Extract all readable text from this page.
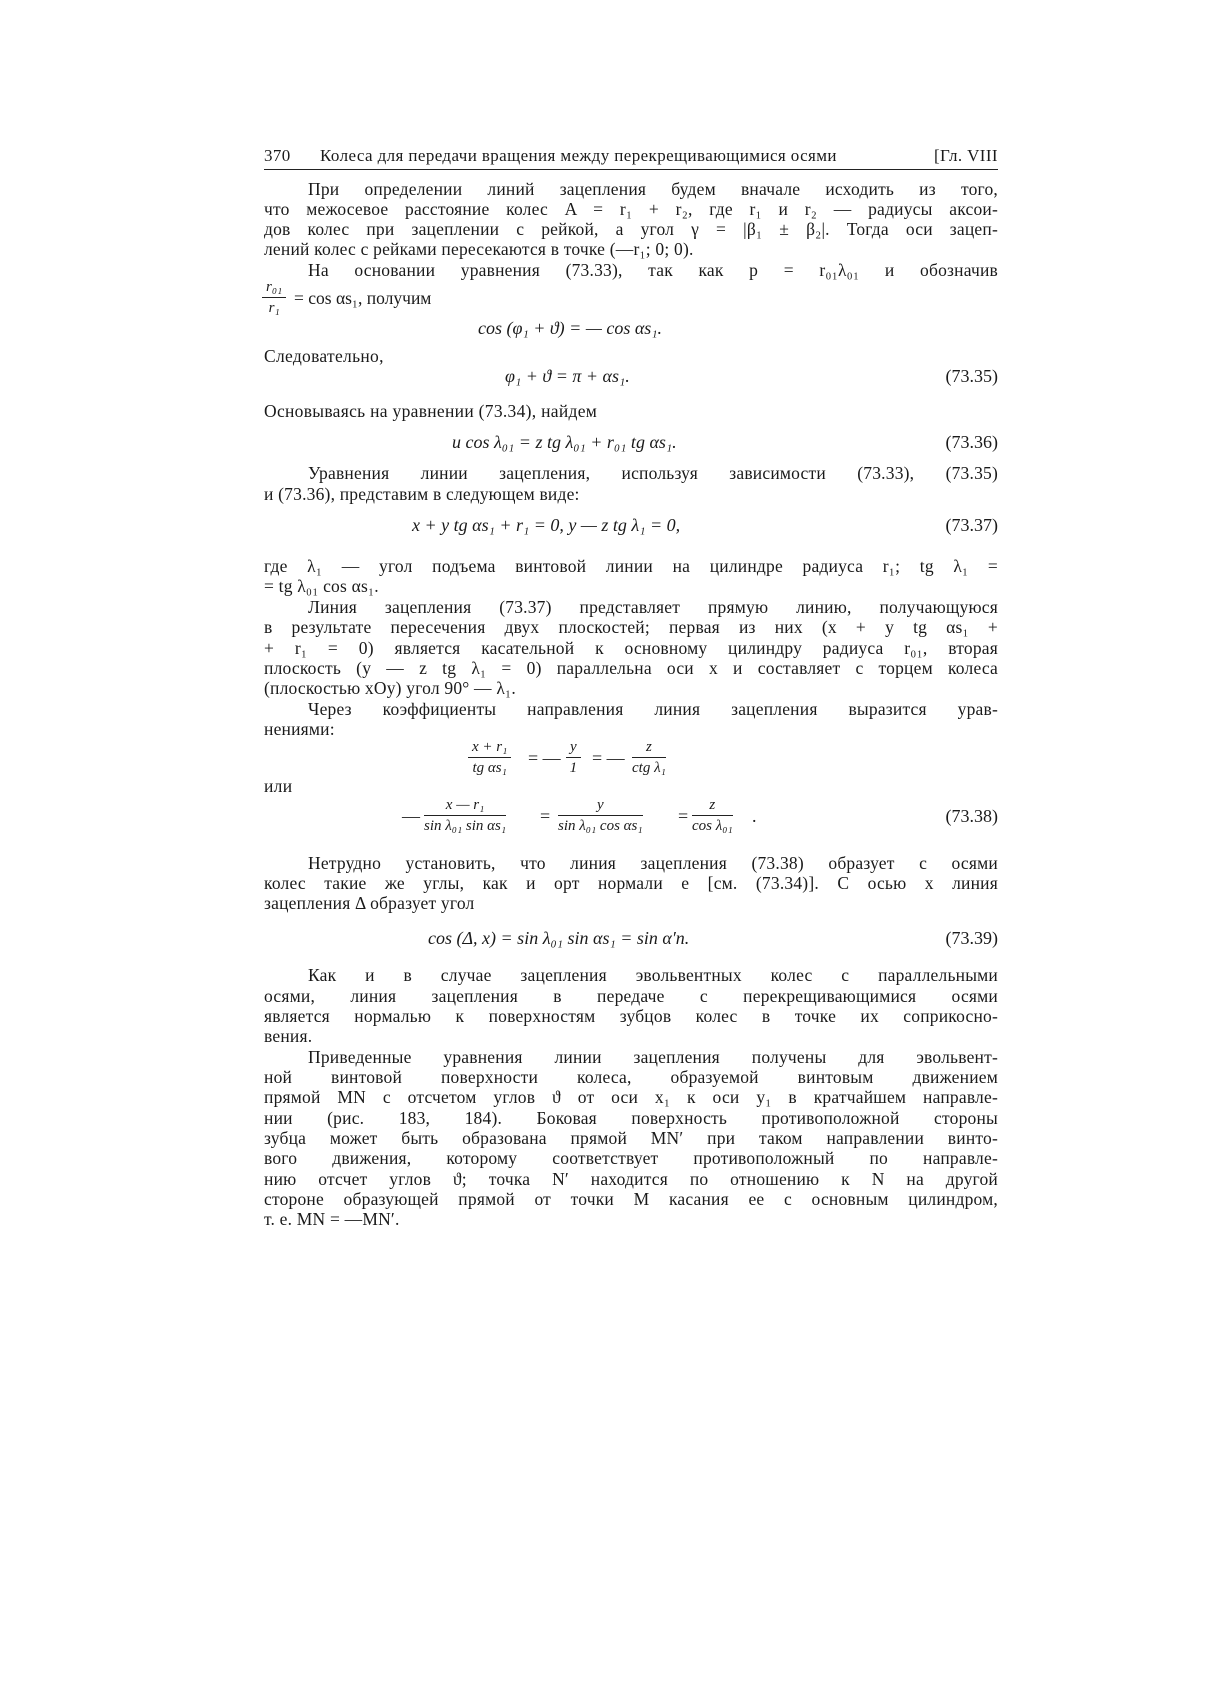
370 Колеса для передачи вращения между перекрещивающимися осями	[Гл. VIII
При определении линий зацепления будем вначале исходить из того,
что межосевое расстояние колес A = r₁ + r₂, где r₁ и r₂ — радиусы аксои-
дов колес при зацеплении с рейкой, а угол γ = |β₁ ± β₂|. Тогда оси зацеп-
лений колес с рейками пересекаются в точке (—r₁; 0; 0).
На основании уравнения (73.33), так как p = r₀₁λ₀₁ и обозначив
$\frac{\text{r₀₁}}{\text{r₁}} = \cos \alpha s_1$, получим
cos (φ₁ + ϑ) = — cos αs₁.
Следовательно,
φ₁ + ϑ = π + αs₁.	(73.35)
Основываясь на уравнении (73.34), найдем
u cos λ₀₁ = z tg λ₀₁ + r₀₁ tg αs₁.	(73.36)
Уравнения линии зацепления, используя зависимости (73.33), (73.35)
и (73.36), представим в следующем виде:
x + y tg αs₁ + r₁ = 0, y — z tg λ₁ = 0,	(73.37)
где λ₁ — угол подъема винтовой линии на цилиндре радиуса r₁; tg λ₁ =
= tg λ₀₁ cos αs₁.
Линия зацепления (73.37) представляет прямую линию, получающуюся
в результате пересечения двух плоскостей; первая из них (x + y tg αs₁ +
+ r₁ = 0) является касательной к основному цилиндру радиуса r₀₁, вторая
плоскость (y — z tg λ₁ = 0) параллельна оси x и составляет с торцем колеса
(плоскостью xOy) угол 90° — λ₁.
Через коэффициенты направления линия зацепления выразится урав-
нениями:
$\frac{\text{x + r₁}}{\text{tg αs₁}}$ = — $\frac{y}{1}$ = —
z
ctg λ₁
или
— $\frac{\text{x — r₁}}{\text{sin λ₀₁ sin αs₁}} = \frac{y}{\text{sin λ₀₁ cos αs₁}} = \frac{z}{\text{cos λ₀₁}}$ .	(73.38)
Нетрудно установить, что линия зацепления (73.38) образует с осями
колес такие же углы, как и орт нормали e [см. (73.34)]. С осью x линия
зацепления Δ образует угол
cos (Δ, x) = sin λ₀₁ sin αs₁ = sin α′n.	(73.39)
Как и в случае зацепления эвольвентных колес с параллельными
осями, линия зацепления в передаче с перекрещивающимися осями
является нормалью к поверхностям зубцов колес в точке их соприкосно-
вения.
Приведенные уравнения линии зацепления получены для эвольвент-
ной винтовой поверхности колеса, образуемой винтовым движением
прямой MN с отсчетом углов ϑ от оси x₁ к оси y₁ в кратчайшем направле-
нии (рис. 183, 184). Боковая поверхность противоположной стороны
зубца может быть образована прямой MN′ при таком направлении винто-
вого движения, которому соответствует противоположный по направле-
нию отсчет углов ϑ; точка N′ находится по отношению к N на другой
стороне образующей прямой от точки M касания ее с основным цилиндром,
т. е. MN = —MN′.
